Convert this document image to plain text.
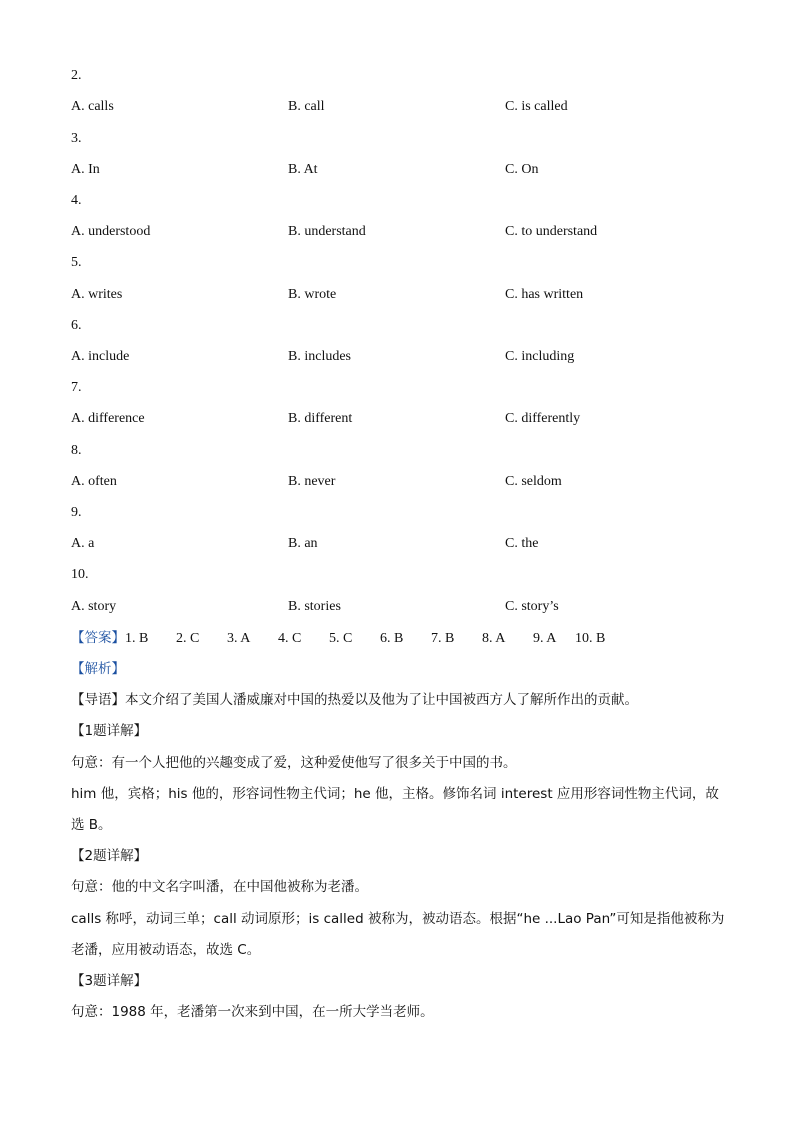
2.
A. calls	B. call	C. is called
3.
A. In	B. At	C. On
4.
A. understood	B. understand	C. to understand
5.
A. writes	B. wrote	C. has written
6.
A. include	B. includes	C. including
7.
A. difference	B. different	C. differently
8.
A. often	B. never	C. seldom
9.
A. a	B. an	C. the
10.
A. story	B. stories	C. story’s
【答案】1. B 2. C 3. A 4. C 5. C 6. B 7. B 8. A 9. A 10. B
【解析】
【导语】本文介绍了美国人潘威廉对中国的热爱以及他为了让中国被西方人了解所作出的贡献。
【1题详解】
句意：有一个人把他的兴趣变成了爱，这种爱使他写了很多关于中国的书。
him 他，宾格；his 他的，形容词性物主代词；he 他，主格。修饰名词 interest 应用形容词性物主代词，故
选 B。
【2题详解】
句意：他的中文名字叫潘，在中国他被称为老潘。
calls 称呼，动词三单；call 动词原形；is called 被称为，被动语态。根据“he ...Lao Pan”可知是指他被称为
老潘，应用被动语态，故选 C。
【3题详解】
句意：1988 年，老潘第一次来到中国，在一所大学当老师。
